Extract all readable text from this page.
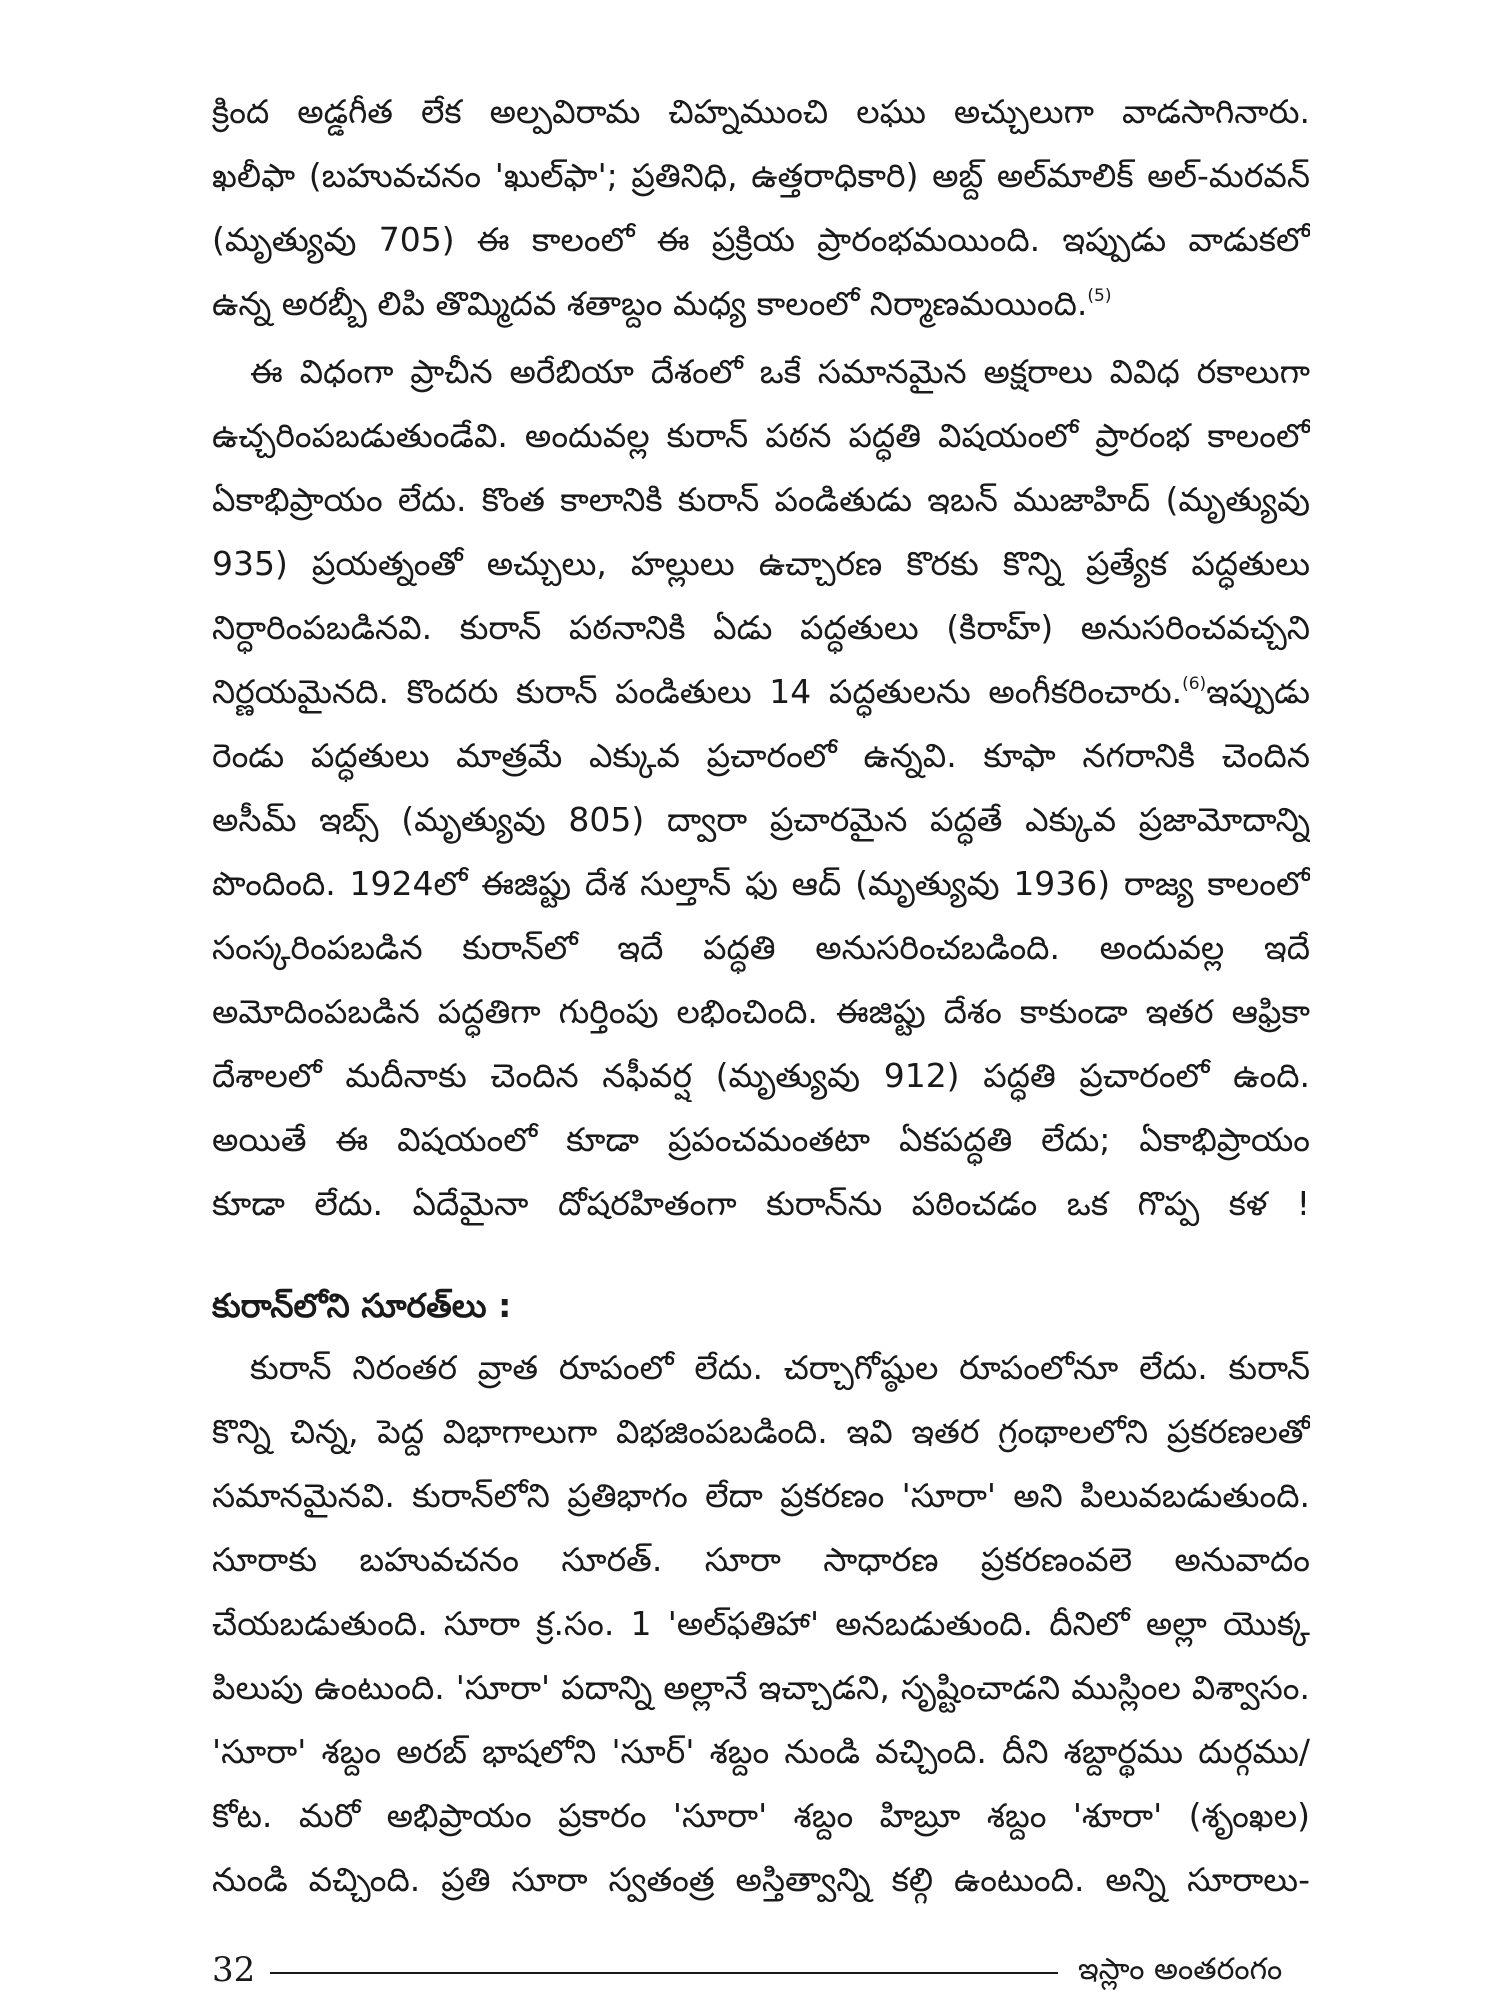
క్రింద అడ్డగీత లేక అల్పవిరామ చిహ్నముంచి లఘు అచ్చులుగా వాడసాగినారు.
ఖలీఫా (బహువచనం 'ఖుల్‌ఫా'; ప్రతినిధి, ఉత్తరాధికారి) అబ్ద్ అల్‌మాలిక్ అల్-మరవన్
(మృత్యువు 705) ఈ కాలంలో ఈ ప్రక్రియ ప్రారంభమయింది. ఇప్పుడు వాడుకలో
ఉన్న అరబ్బీ లిపి తొమ్మిదవ శతాబ్దం మధ్య కాలంలో నిర్మాణమయింది.$^{(5)}$
ఈ విధంగా ప్రాచీన అరేబియా దేశంలో ఒకే సమానమైన అక్షరాలు వివిధ రకాలుగా
ఉచ్చరింపబడుతుండేవి. అందువల్ల కురాన్ పఠన పద్ధతి విషయంలో ప్రారంభ కాలంలో
ఏకాభిప్రాయం లేదు. కొంత కాలానికి కురాన్ పండితుడు ఇబన్ ముజాహిద్ (మృత్యువు
935) ప్రయత్నంతో అచ్చులు, హల్లులు ఉచ్చారణ కొరకు కొన్ని ప్రత్యేక పద్ధతులు
నిర్ధారింపబడినవి. కురాన్ పఠనానికి ఏడు పద్ధతులు (కిరాహ్) అనుసరించవచ్చని
నిర్ణయమైనది. కొందరు కురాన్ పండితులు 14 పద్ధతులను అంగీకరించారు.$^{(6)}$ఇప్పుడు
రెండు పద్ధతులు మాత్రమే ఎక్కువ ప్రచారంలో ఉన్నవి. కూఫా నగరానికి చెందిన
అసీమ్ ఇబ్స్ (మృత్యువు 805) ద్వారా ప్రచారమైన పద్ధతే ఎక్కువ ప్రజామోదాన్ని
పొందింది. 1924లో ఈజిప్టు దేశ సుల్తాన్ ఫు ఆద్ (మృత్యువు 1936) రాజ్య కాలంలో
సంస్కరింపబడిన కురాన్‌లో ఇదే పద్ధతి అనుసరించబడింది. అందువల్ల ఇదే
అమోదింపబడిన పద్ధతిగా గుర్తింపు లభించింది. ఈజిప్టు దేశం కాకుండా ఇతర ఆఫ్రికా
దేశాలలో మదీనాకు చెందిన నఫీవర్ష (మృత్యువు 912) పద్ధతి ప్రచారంలో ఉంది.
అయితే ఈ విషయంలో కూడా ప్రపంచమంతటా ఏకపద్ధతి లేదు; ఏకాభిప్రాయం
కూడా లేదు. ఏదేమైనా దోషరహితంగా కురాన్‌ను పఠించడం ఒక గొప్ప కళ !
కురాన్‌లోని సూరత్‌లు :
కురాన్ నిరంతర వ్రాత రూపంలో లేదు. చర్చాగోష్ఠుల రూపంలోనూ లేదు. కురాన్
కొన్ని చిన్న, పెద్ద విభాగాలుగా విభజింపబడింది. ఇవి ఇతర గ్రంథాలలోని ప్రకరణలతో
సమానమైనవి. కురాన్‌లోని ప్రతిభాగం లేదా ప్రకరణం 'సూరా' అని పిలువబడుతుంది.
సూరాకు బహువచనం సూరత్. సూరా సాధారణ ప్రకరణంవలె అనువాదం
చేయబడుతుంది. సూరా క్ర.సం. 1 'అల్‌ఫతిహా' అనబడుతుంది. దీనిలో అల్లా యొక్క
పిలుపు ఉంటుంది. 'సూరా' పదాన్ని అల్లానే ఇచ్చాడని, సృష్టించాడని ముస్లింల విశ్వాసం.
'సూరా' శబ్దం అరబ్ భాషలోని 'సూర్' శబ్దం నుండి వచ్చింది. దీని శబ్దార్థము దుర్గము/
కోట. మరో అభిప్రాయం ప్రకారం 'సూరా' శబ్దం హిబ్రూ శబ్దం 'శూరా' (శృంఖల)
నుండి వచ్చింది. ప్రతి సూరా స్వతంత్ర అస్తిత్వాన్ని కల్గి ఉంటుంది. అన్ని సూరాలు-
32	ఇస్లాం అంతరంగం
